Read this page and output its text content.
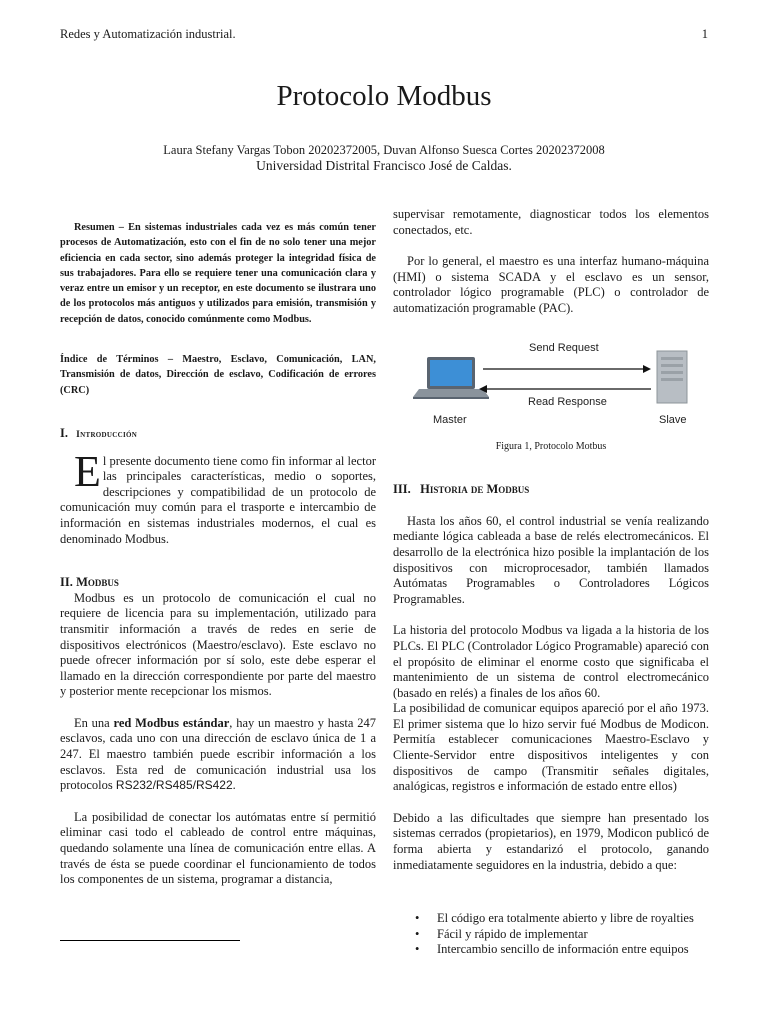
Redes y Automatización industrial.	1
Protocolo Modbus
Laura Stefany Vargas Tobon 20202372005, Duvan Alfonso Suesca Cortes 20202372008
Universidad Distrital Francisco José de Caldas.

Resumen – En sistemas industriales cada vez es más común tener procesos de Automatización, esto con el fin de no solo tener una mejor eficiencia en cada sector, sino además proteger la integridad física de sus trabajadores. Para ello se requiere tener una comunicación clara y veraz entre un emisor y un receptor, en este documento se ilustrara uno de los protocolos más antiguos y utilizados para emisión, transmisión y recepción de datos, conocido comúnmente como Modbus.

Índice de Términos – Maestro, Esclavo, Comunicación, LAN, Transmisión de datos, Dirección de esclavo, Codificación de errores (CRC)

I. Introducción

El presente documento tiene como fin informar al lector las principales características, medio o soportes, descripciones y compatibilidad de un protocolo de comunicación muy común para el trasporte e intercambio de información en sistemas industriales modernos, el cual es denominado Modbus.

II. Modbus

Modbus es un protocolo de comunicación el cual no requiere de licencia para su implementación, utilizado para transmitir información a través de redes en serie de dispositivos electrónicos (Maestro/esclavo). Este esclavo no puede ofrecer información por sí solo, este debe esperar el llamado en la dirección correspondiente por parte del maestro y posterior mente recepcionar los mismos.

En una red Modbus estándar, hay un maestro y hasta 247 esclavos, cada uno con una dirección de esclavo única de 1 a 247. El maestro también puede escribir información a los esclavos. Esta red de comunicación industrial usa los protocolos RS232/RS485/RS422.

La posibilidad de conectar los autómatas entre sí permitió eliminar casi todo el cableado de control entre máquinas, quedando solamente una línea de comunicación entre ellas. A través de ésta se puede coordinar el funcionamiento de todos los componentes de un sistema, programar a distancia,

supervisar remotamente, diagnosticar todos los elementos conectados, etc.

Por lo general, el maestro es una interfaz humano-máquina (HMI) o sistema SCADA y el esclavo es un sensor, controlador lógico programable (PLC) o controlador de automatización programable (PAC).

Send Request
Read Response
Master	Slave
Figura 1, Protocolo Motbus

III. Historia de Modbus

Hasta los años 60, el control industrial se venía realizando mediante lógica cableada a base de relés electromecánicos. El desarrollo de la electrónica hizo posible la implantación de los dispositivos con microprocesador, también llamados Autómatas Programables o Controladores Lógicos Programables.

La historia del protocolo Modbus va ligada a la historia de los PLCs. El PLC (Controlador Lógico Programable) apareció con el propósito de eliminar el enorme costo que significaba el mantenimiento de un sistema de control electromecánico (basado en relés) a finales de los años 60.

La posibilidad de comunicar equipos apareció por el año 1973. El primer sistema que lo hizo servir fué Modbus de Modicon. Permitía establecer comunicaciones Maestro-Esclavo y Cliente-Servidor entre dispositivos inteligentes y con dispositivos de campo (Transmitir señales digitales, analógicas, registros e información de estado entre ellos)

Debido a las dificultades que siempre han presentado los sistemas cerrados (propietarios), en 1979, Modicon publicó de forma abierta y estandarizó el protocolo, ganando inmediatamente seguidores en la industria, debido a que:

• El código era totalmente abierto y libre de royalties
• Fácil y rápido de implementar
• Intercambio sencillo de información entre equipos
